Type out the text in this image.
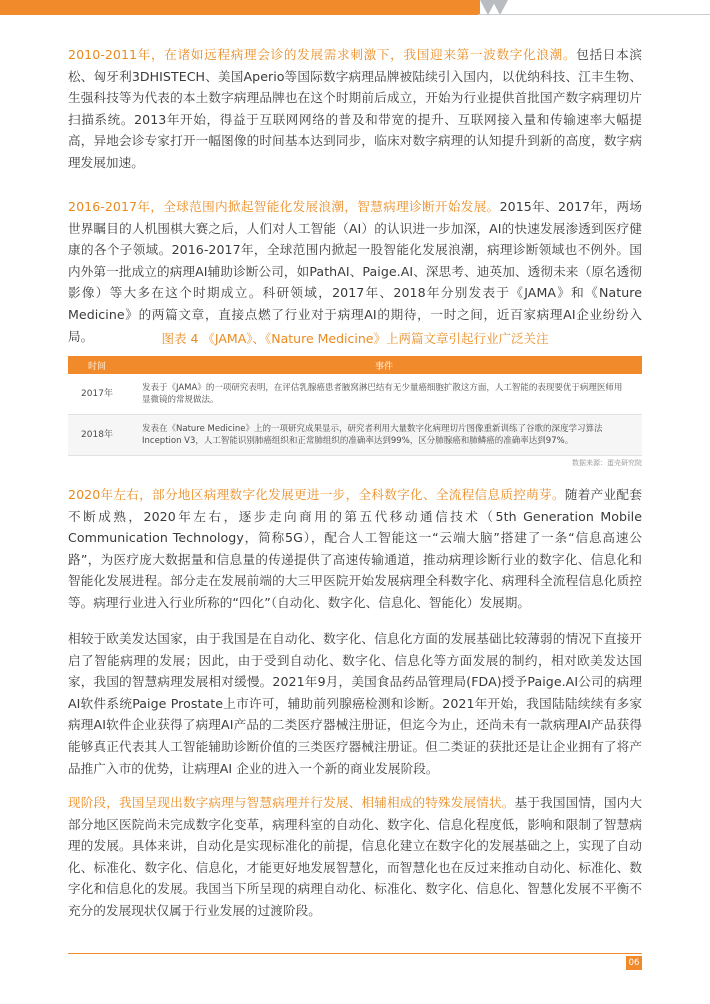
2010-2011年，在诸如远程病理会诊的发展需求刺激下，我国迎来第一波数字化浪潮。包括日本滨松、匈牙利3DHISTECH、美国Aperio等国际数字病理品牌被陆续引入国内，以优纳科技、江丰生物、生强科技等为代表的本土数字病理品牌也在这个时期前后成立，开始为行业提供首批国产数字病理切片扫描系统。2013年开始，得益于互联网网络的普及和带宽的提升、互联网接入量和传输速率大幅提高，异地会诊专家打开一幅图像的时间基本达到同步，临床对数字病理的认知提升到新的高度，数字病理发展加速。

2016-2017年，全球范围内掀起智能化发展浪潮，智慧病理诊断开始发展。2015年、2017年，两场世界瞩目的人机围棋大赛之后，人们对人工智能（AI）的认识进一步加深，AI的快速发展渗透到医疗健康的各个子领域。2016-2017年，全球范围内掀起一股智能化发展浪潮，病理诊断领域也不例外。国内外第一批成立的病理AI辅助诊断公司，如PathAI、Paige.AI、深思考、迪英加、透彻未来（原名透彻影像）等大多在这个时期成立。科研领域，2017年、2018年分别发表于《JAMA》和《Nature Medicine》的两篇文章，直接点燃了行业对于病理AI的期待，一时之间，近百家病理AI企业纷纷入局。	图表 4 《JAMA》、《Nature Medicine》上两篇文章引起行业广泛关注
时间	事件
2017年	发表于《JAMA》的一项研究表明，在评估乳腺癌患者腋窝淋巴结有无少量癌细胞扩散这方面，人工智能的表现要优于病理医师用显微镜的常规做法。
2018年	发表在《Nature Medicine》上的一项研究成果显示，研究者利用大量数字化病理切片图像重新训练了谷歌的深度学习算法Inception V3，人工智能识别肺癌组织和正常肺组织的准确率达到99%，区分肺腺癌和肺鳞癌的准确率达到97%。
数据来源：蛋壳研究院

2020年左右，部分地区病理数字化发展更进一步，全科数字化、全流程信息质控萌芽。随着产业配套不断成熟，2020年左右，逐步走向商用的第五代移动通信技术（5th Generation Mobile Communication Technology，简称5G），配合人工智能这一“云端大脑”搭建了一条“信息高速公路”，为医疗庞大数据量和信息量的传递提供了高速传输通道，推动病理诊断行业的数字化、信息化和智能化发展进程。部分走在发展前端的大三甲医院开始发展病理全科数字化、病理科全流程信息化质控等。病理行业进入行业所称的“四化”（自动化、数字化、信息化、智能化）发展期。

相较于欧美发达国家，由于我国是在自动化、数字化、信息化方面的发展基础比较薄弱的情况下直接开启了智能病理的发展；因此，由于受到自动化、数字化、信息化等方面发展的制约，相对欧美发达国家，我国的智慧病理发展相对缓慢。2021年9月，美国食品药品管理局(FDA)授予Paige.AI公司的病理AI软件系统Paige Prostate上市许可，辅助前列腺癌检测和诊断。2021年开始，我国陆陆续续有多家病理AI软件企业获得了病理AI产品的二类医疗器械注册证，但迄今为止，还尚未有一款病理AI产品获得能够真正代表其人工智能辅助诊断价值的三类医疗器械注册证。但二类证的获批还是让企业拥有了将产品推广入市的优势，让病理AI 企业的进入一个新的商业发展阶段。

现阶段，我国呈现出数字病理与智慧病理并行发展、相辅相成的特殊发展情状。基于我国国情，国内大部分地区医院尚未完成数字化变革，病理科室的自动化、数字化、信息化程度低，影响和限制了智慧病理的发展。具体来讲，自动化是实现标准化的前提，信息化建立在数字化的发展基础之上，实现了自动化、标准化、数字化、信息化，才能更好地发展智慧化，而智慧化也在反过来推动自动化、标准化、数字化和信息化的发展。我国当下所呈现的病理自动化、标准化、数字化、信息化、智慧化发展不平衡不充分的发展现状仅属于行业发展的过渡阶段。

06
